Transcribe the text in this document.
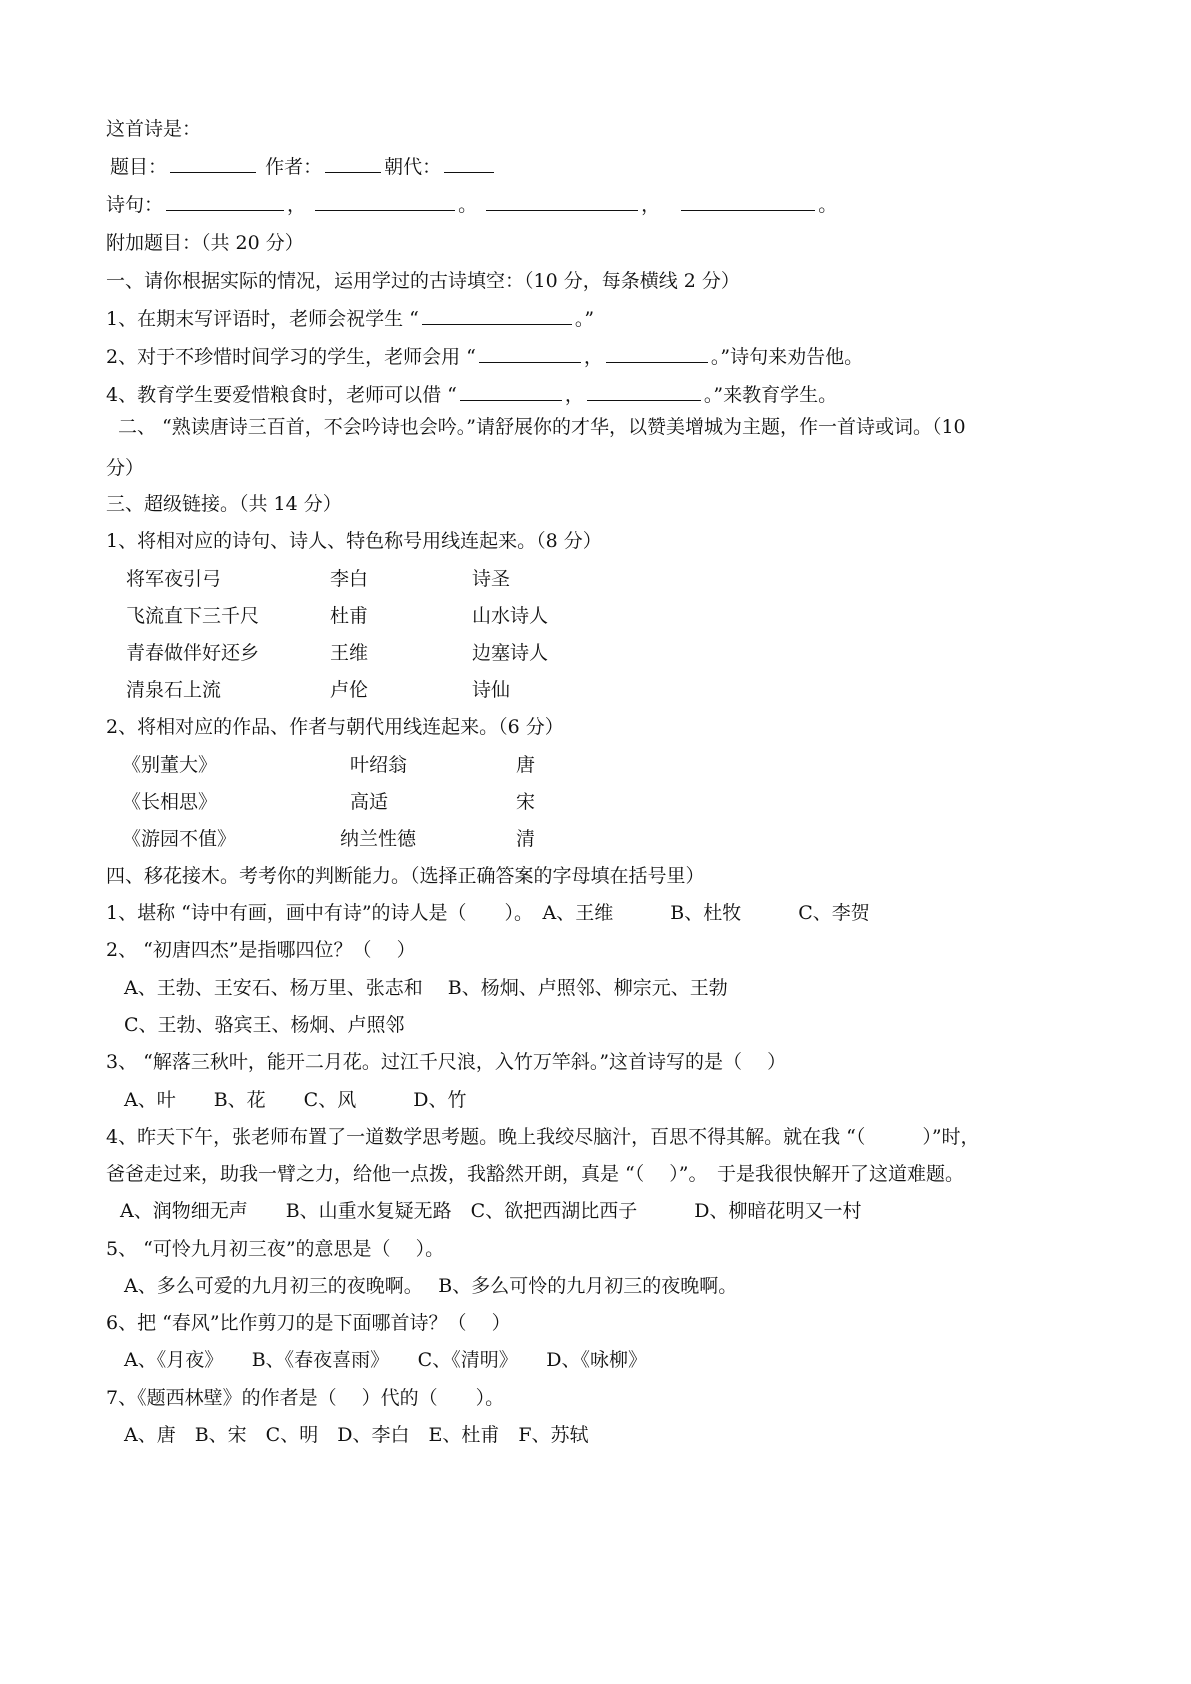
这首诗是：
题目：	作者：	朝代：
诗句：	，	。	，	。
附加题目：（共 20 分）
一、请你根据实际的情况，运用学过的古诗填空：（10 分，每条横线 2 分）
1、在期末写评语时，老师会祝学生 “	。”
2、对于不珍惜时间学习的学生，老师会用 “	，	。”诗句来劝告他。
4、教育学生要爱惜粮食时，老师可以借 “	，	。”来教育学生。
二、 “熟读唐诗三百首，不会吟诗也会吟。”请舒展你的才华，以赞美增城为主题，作一首诗或词。（10
分）
三、超级链接。（共 14 分）
1、将相对应的诗句、诗人、特色称号用线连起来。（8 分）
将军夜引弓	李白	诗圣
飞流直下三千尺	杜甫	山水诗人
青春做伴好还乡	王维	边塞诗人
清泉石上流	卢伦	诗仙
2、将相对应的作品、作者与朝代用线连起来。（6 分）
《别董大》	叶绍翁	唐
《长相思》	高适	宋
《游园不值》	纳兰性德	清
四、移花接木。考考你的判断能力。（选择正确答案的字母填在括号里）
1、堪称 “诗中有画，画中有诗”的诗人是（　　）。　A、王维　　　B、杜牧　　　C、李贺
2、 “初唐四杰”是指哪四位？（　 ）
A、王勃、王安石、杨万里、张志和　 B、杨炯、卢照邻、柳宗元、王勃
C、王勃、骆宾王、杨炯、卢照邻
3、 “解落三秋叶，能开二月花。过江千尺浪，入竹万竿斜。”这首诗写的是（　 ）
A、叶　　B、花　　C、风　　　D、竹
4、昨天下午，张老师布置了一道数学思考题。晚上我绞尽脑汁，百思不得其解。就在我 “（　　　）”时，
爸爸走过来，助我一臂之力，给他一点拨，我豁然开朗，真是 “（　 ）”。　于是我很快解开了这道难题。
A、润物细无声　　B、山重水复疑无路　C、欲把西湖比西子　　　D、柳暗花明又一村
5、 “可怜九月初三夜”的意思是（　 ）。
A、多么可爱的九月初三的夜晚啊。　 B、多么可怜的九月初三的夜晚啊。
6、把 “春风”比作剪刀的是下面哪首诗？（　 ）
A、《月夜》　　B、《春夜喜雨》　　C、《清明》　　D、《咏柳》
7、《题西林壁》的作者是（　 ）代的（　　）。
A、唐　B、宋　C、明　D、李白　E、杜甫　F、苏轼
